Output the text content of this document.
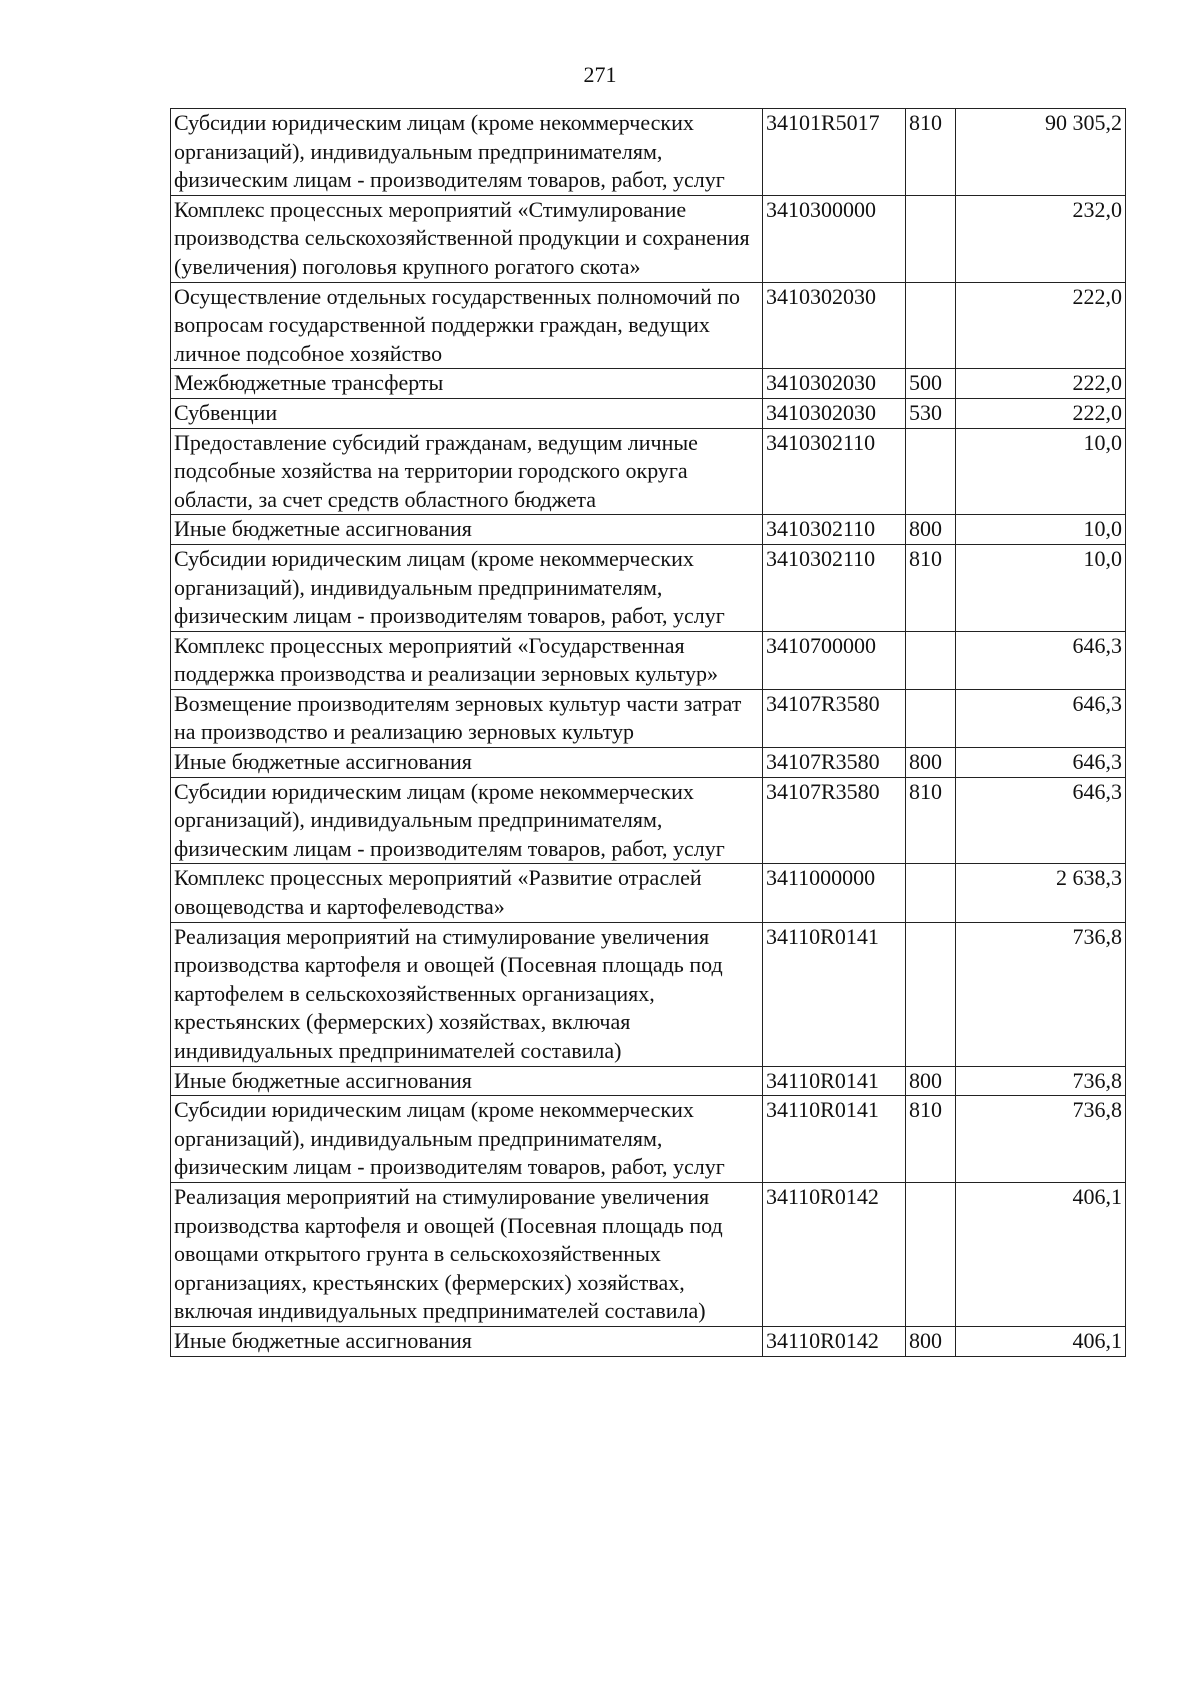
271
Субсидии юридическим лицам (кроме некоммерческих организаций), индивидуальным предпринимателям, физическим лицам - производителям товаров, работ, услуг	34101R5017	810	90 305,2
Комплекс процессных мероприятий «Стимулирование производства сельскохозяйственной продукции и сохранения (увеличения) поголовья крупного рогатого скота»	3410300000		232,0
Осуществление отдельных государственных полномочий по вопросам государственной поддержки граждан, ведущих личное подсобное хозяйство	3410302030		222,0
Межбюджетные трансферты	3410302030	500	222,0
Субвенции	3410302030	530	222,0
Предоставление субсидий гражданам, ведущим личные подсобные хозяйства на территории городского округа области, за счет средств областного бюджета	3410302110		10,0
Иные бюджетные ассигнования	3410302110	800	10,0
Субсидии юридическим лицам (кроме некоммерческих организаций), индивидуальным предпринимателям, физическим лицам - производителям товаров, работ, услуг	3410302110	810	10,0
Комплекс процессных мероприятий «Государственная поддержка производства и реализации зерновых культур»	3410700000		646,3
Возмещение производителям зерновых культур части затрат на производство и реализацию зерновых культур	34107R3580		646,3
Иные бюджетные ассигнования	34107R3580	800	646,3
Субсидии юридическим лицам (кроме некоммерческих организаций), индивидуальным предпринимателям, физическим лицам - производителям товаров, работ, услуг	34107R3580	810	646,3
Комплекс процессных мероприятий «Развитие отраслей овощеводства и картофелеводства»	3411000000		2 638,3
Реализация мероприятий на стимулирование увеличения производства картофеля и овощей (Посевная площадь под картофелем в сельскохозяйственных организациях, крестьянских (фермерских) хозяйствах, включая индивидуальных предпринимателей составила)	34110R0141		736,8
Иные бюджетные ассигнования	34110R0141	800	736,8
Субсидии юридическим лицам (кроме некоммерческих организаций), индивидуальным предпринимателям, физическим лицам - производителям товаров, работ, услуг	34110R0141	810	736,8
Реализация мероприятий на стимулирование увеличения производства картофеля и овощей (Посевная площадь под овощами открытого грунта в сельскохозяйственных организациях, крестьянских (фермерских) хозяйствах, включая индивидуальных предпринимателей составила)	34110R0142		406,1
Иные бюджетные ассигнования	34110R0142	800	406,1
